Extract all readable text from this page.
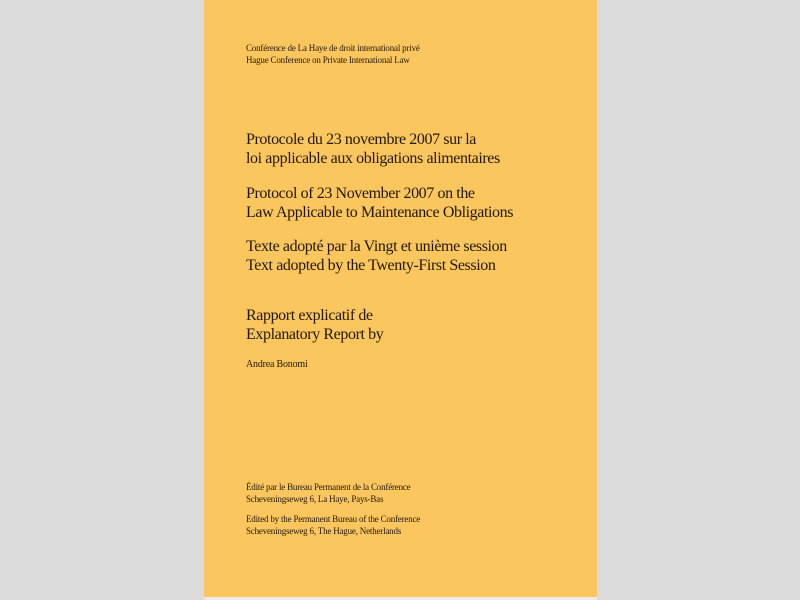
Conférence de La Haye de droit international privé
Hague Conference on Private International Law
Protocole du 23 novembre 2007 sur la
loi applicable aux obligations alimentaires
Protocol of 23 November 2007 on the
Law Applicable to Maintenance Obligations
Texte adopté par la Vingt et unième session
Text adopted by the Twenty-First Session
Rapport explicatif de
Explanatory Report by
Andrea Bonomi
Édité par le Bureau Permanent de la Conférence
Scheveningseweg 6, La Haye, Pays-Bas
Edited by the Permanent Bureau of the Conference
Scheveningseweg 6, The Hague, Netherlands
